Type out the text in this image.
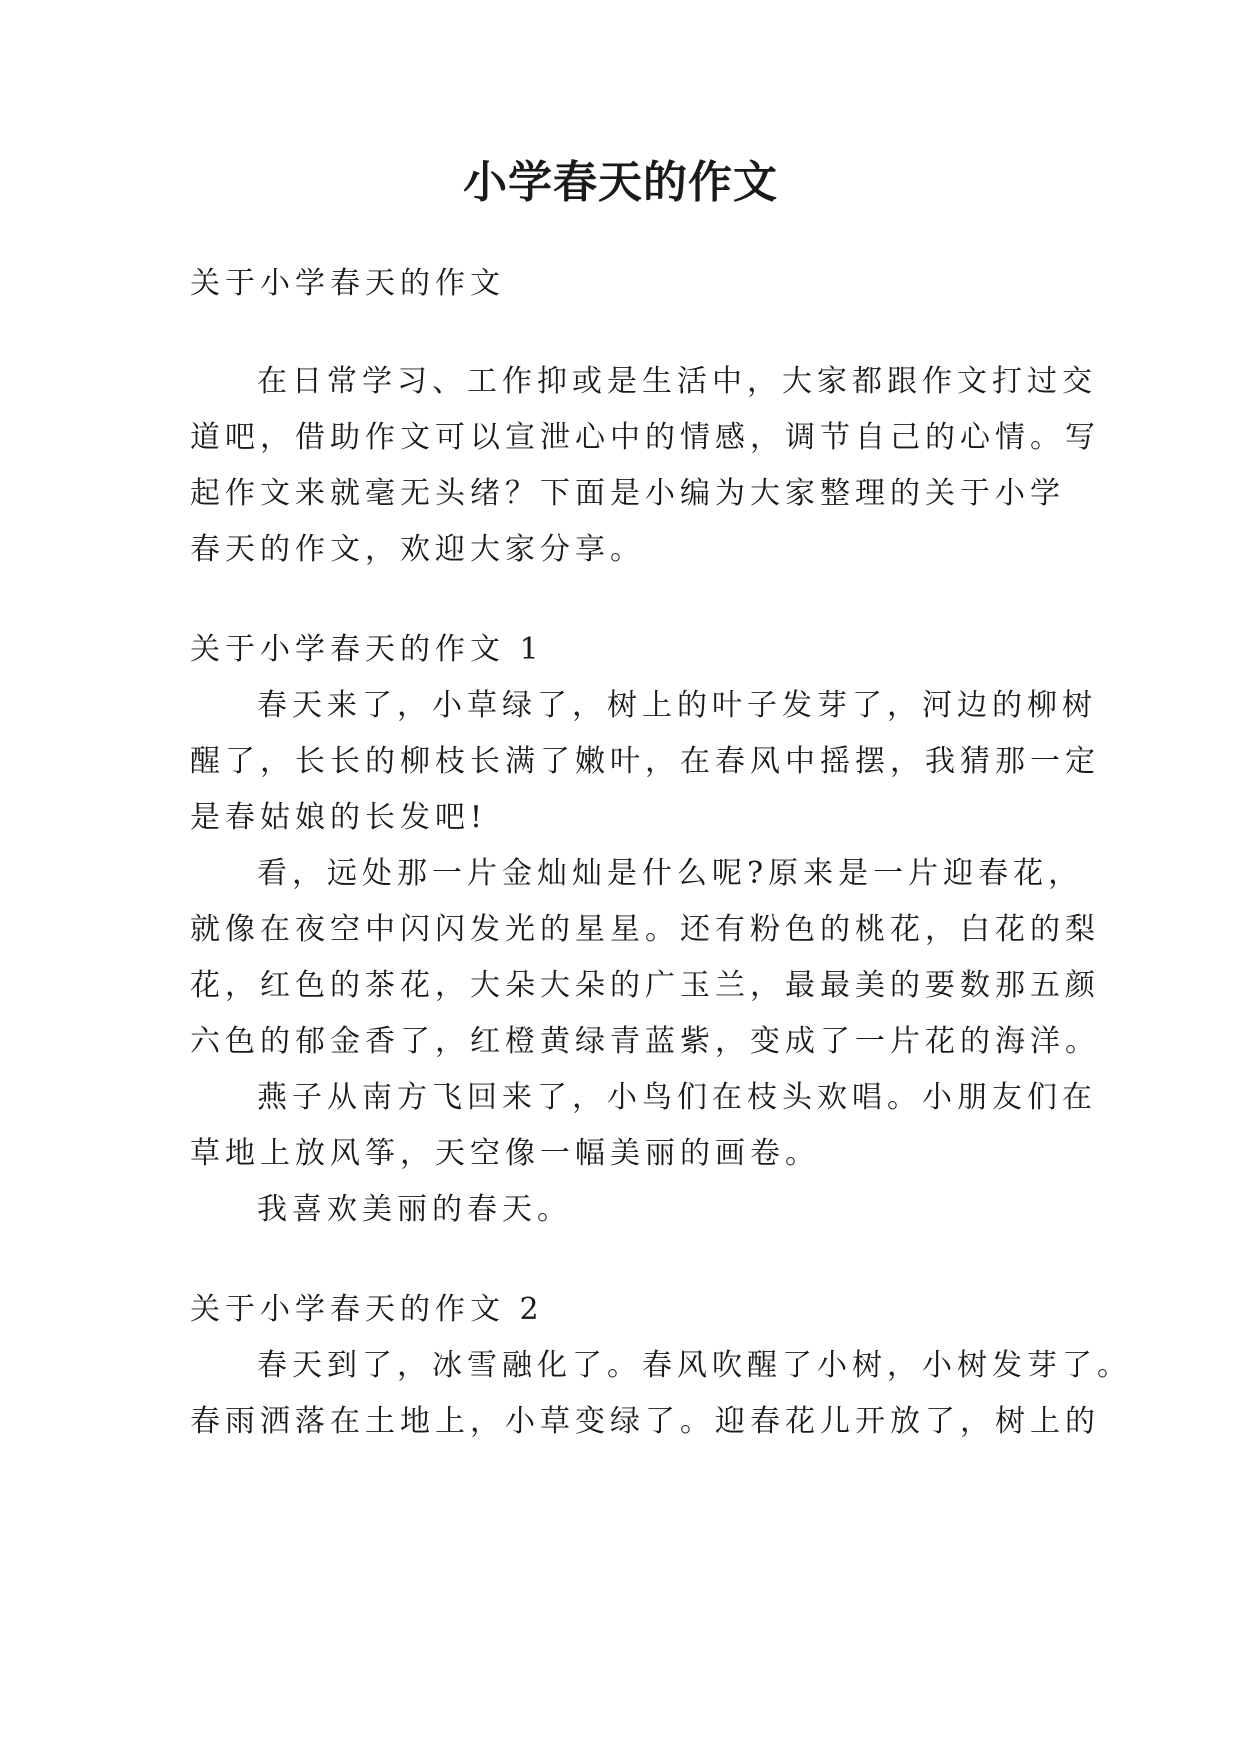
小学春天的作文

关于小学春天的作文

在日常学习、工作抑或是生活中，大家都跟作文打过交

道吧，借助作文可以宣泄心中的情感，调节自己的心情。写

起作文来就毫无头绪？下面是小编为大家整理的关于小学

春天的作文，欢迎大家分享。

关于小学春天的作文 1

春天来了，小草绿了，树上的叶子发芽了，河边的柳树

醒了，长长的柳枝长满了嫩叶，在春风中摇摆，我猜那一定

是春姑娘的长发吧!

看，远处那一片金灿灿是什么呢?原来是一片迎春花，

就像在夜空中闪闪发光的星星。还有粉色的桃花，白花的梨

花，红色的茶花，大朵大朵的广玉兰，最最美的要数那五颜

六色的郁金香了，红橙黄绿青蓝紫，变成了一片花的海洋。

燕子从南方飞回来了，小鸟们在枝头欢唱。小朋友们在

草地上放风筝，天空像一幅美丽的画卷。

我喜欢美丽的春天。

关于小学春天的作文 2

春天到了，冰雪融化了。春风吹醒了小树，小树发芽了。

春雨洒落在土地上，小草变绿了。迎春花儿开放了，树上的
